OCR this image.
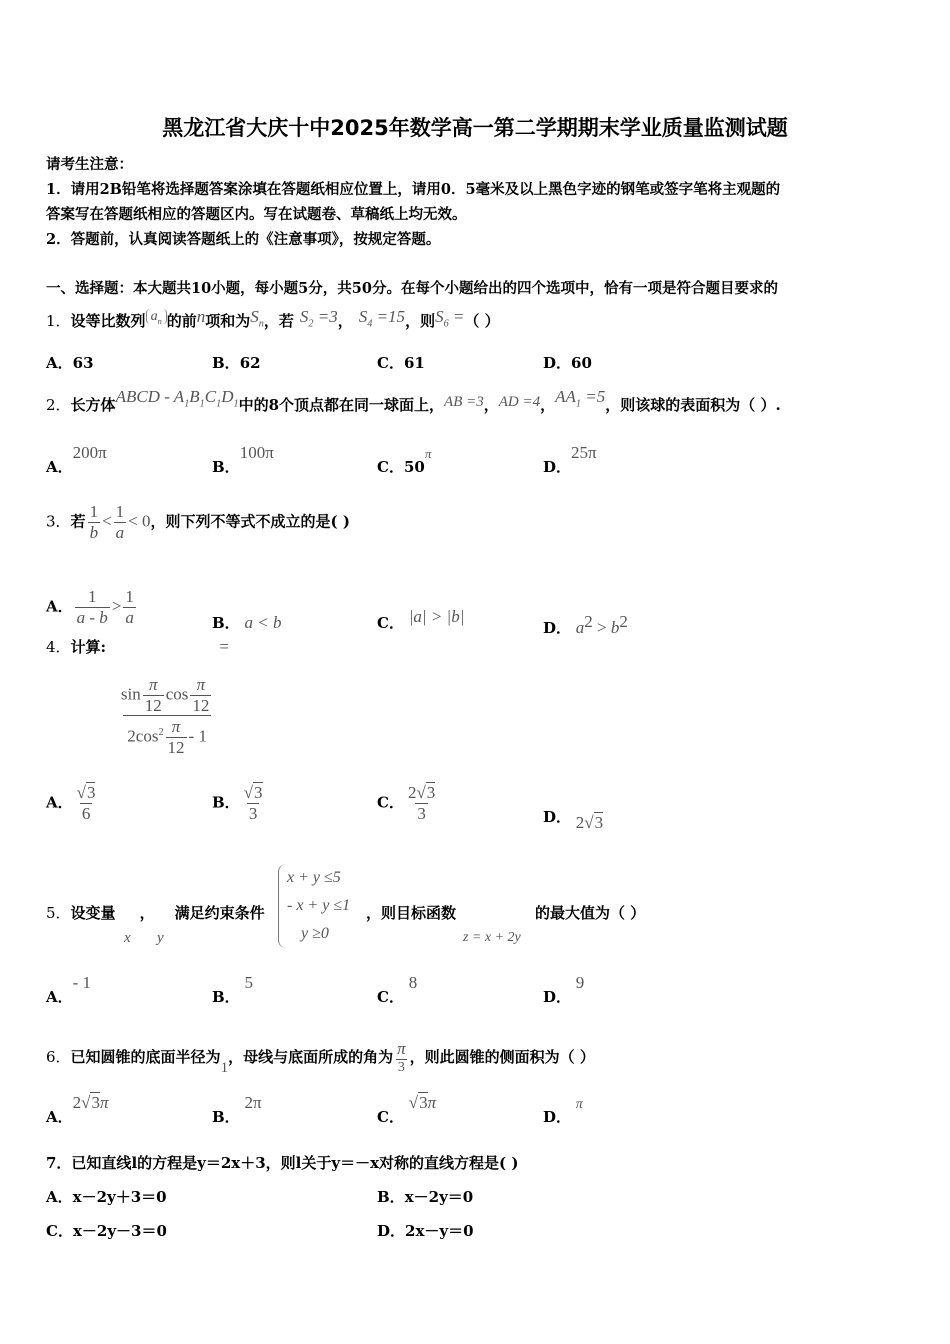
黑龙江省大庆十中2025年数学高一第二学期期末学业质量监测试题
请考生注意：
1．请用2B铅笔将选择题答案涂填在答题纸相应位置上，请用0．5毫米及以上黑色字迹的钢笔或签字笔将主观题的
答案写在答题纸相应的答题区内。写在试题卷、草稿纸上均无效。
2．答题前，认真阅读答题纸上的《注意事项》，按规定答题。
一、选择题：本大题共10小题，每小题5分，共50分。在每个小题给出的四个选项中，恰有一项是符合题目要求的
1．设等比数列 $a_n$ 的前n项和为$S_n$，若 $S_2 =3$， $S_4 =15$，则$S_6$ =（ ）
A．63	B．62	C．61	D．60
2．长方体ABCD - $A_1B_1C_1D_1$中的8个顶点都在同一球面上，AB =3，AD =4，$AA_1 =5$，则该球的表面积为（ ）.
A．200π
B．100π
C．50π
D．25π
3．若 $\frac{1}{b} < \frac{1}{a} < 0$，则下列不等式不成立的是( )
A． $\frac{1}{a - b} > \frac{1}{a}$	B． a < b	C． |a| > |b|
D． $a^2 > b^2$
4．计算:
$\frac{\sin \frac{\pi}{12} \cos \frac{\pi}{12}}{2\cos^2 \frac{\pi}{12} - 1}$
=
A． $\frac{√3}{6}$	B． $\frac{√3}{3}$	C． $\frac{2√3}{3}$	D． 2√3
5．设变量 ， 满足约束条件
x y
x + y ≤5
- x + y ≤1
y ≥0
，则目标函数
z = x + 2y
的最大值为（ ）
A．- 1
B． 5
C． 8
D． 9
6．已知圆锥的底面半径为1，母线与底面所成的角为 $\frac{\pi}{3}$ ，则此圆锥的侧面积为（ ）
A．2√3π
B． 2π
C． √3π
D． π
7．已知直线l的方程是y＝2x＋3，则l关于y＝－x对称的直线方程是( )
A．x－2y＋3＝0	B．x－2y＝0
C．x－2y－3＝0	D．2x－y＝0
